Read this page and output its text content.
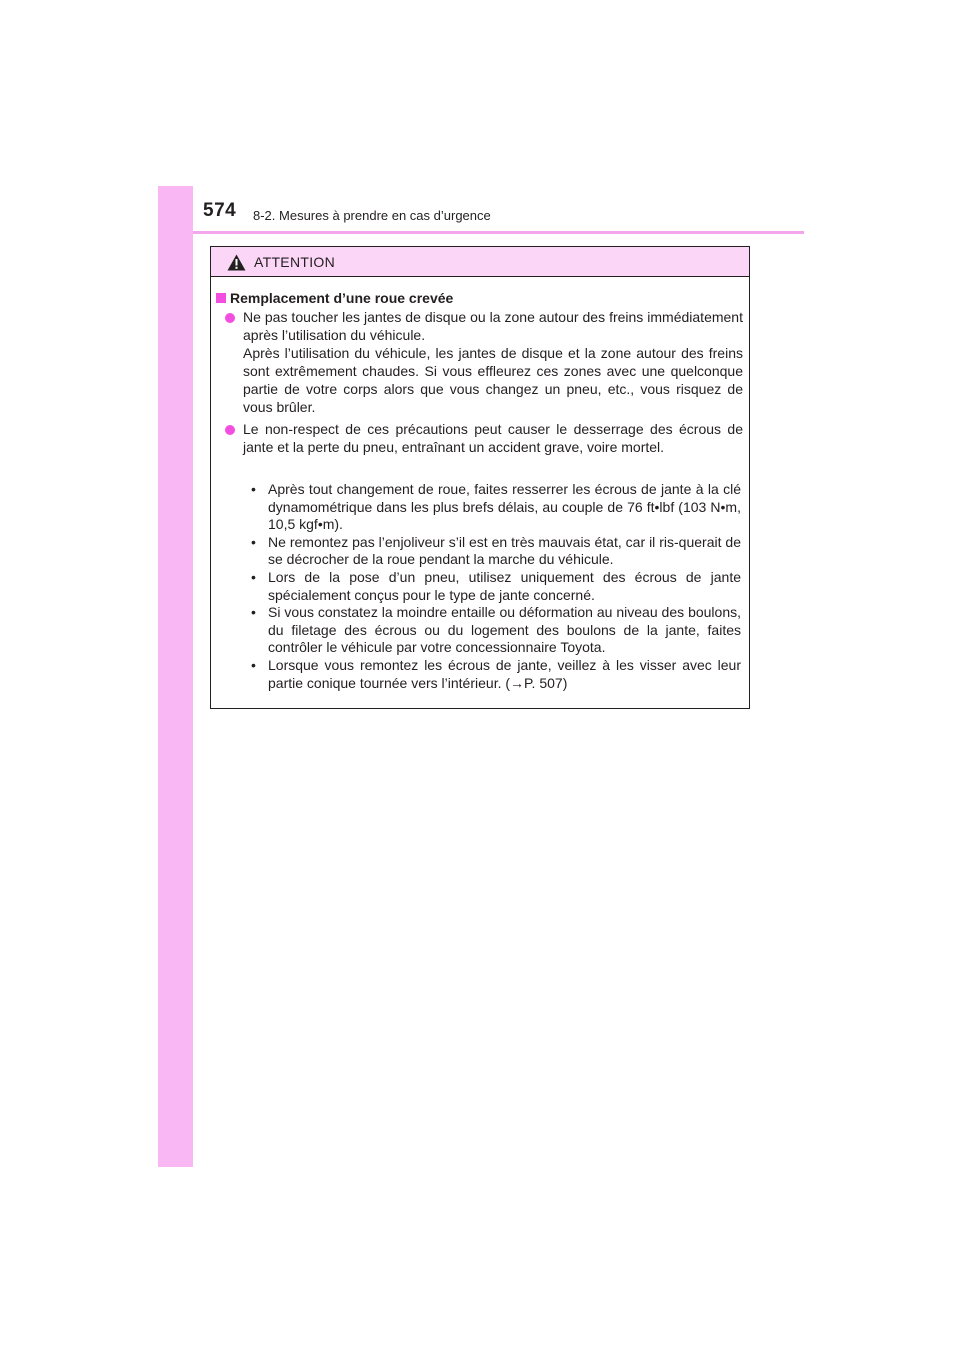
574 8-2. Mesures à prendre en cas d’urgence
ATTENTION
Remplacement d’une roue crevée
Ne pas toucher les jantes de disque ou la zone autour des freins immédiatement après l’utilisation du véhicule.
Après l’utilisation du véhicule, les jantes de disque et la zone autour des freins sont extrêmement chaudes. Si vous effleurez ces zones avec une quelconque partie de votre corps alors que vous changez un pneu, etc., vous risquez de vous brûler.
Le non-respect de ces précautions peut causer le desserrage des écrous de jante et la perte du pneu, entraînant un accident grave, voire mortel.
• Après tout changement de roue, faites resserrer les écrous de jante à la clé dynamométrique dans les plus brefs délais, au couple de 76 ft•lbf (103 N•m, 10,5 kgf•m).
• Ne remontez pas l’enjoliveur s’il est en très mauvais état, car il ris-querait de se décrocher de la roue pendant la marche du véhicule.
• Lors de la pose d’un pneu, utilisez uniquement des écrous de jante spécialement conçus pour le type de jante concerné.
• Si vous constatez la moindre entaille ou déformation au niveau des boulons, du filetage des écrous ou du logement des boulons de la jante, faites contrôler le véhicule par votre concessionnaire Toyota.
• Lorsque vous remontez les écrous de jante, veillez à les visser avec leur partie conique tournée vers l’intérieur. (→P. 507)
